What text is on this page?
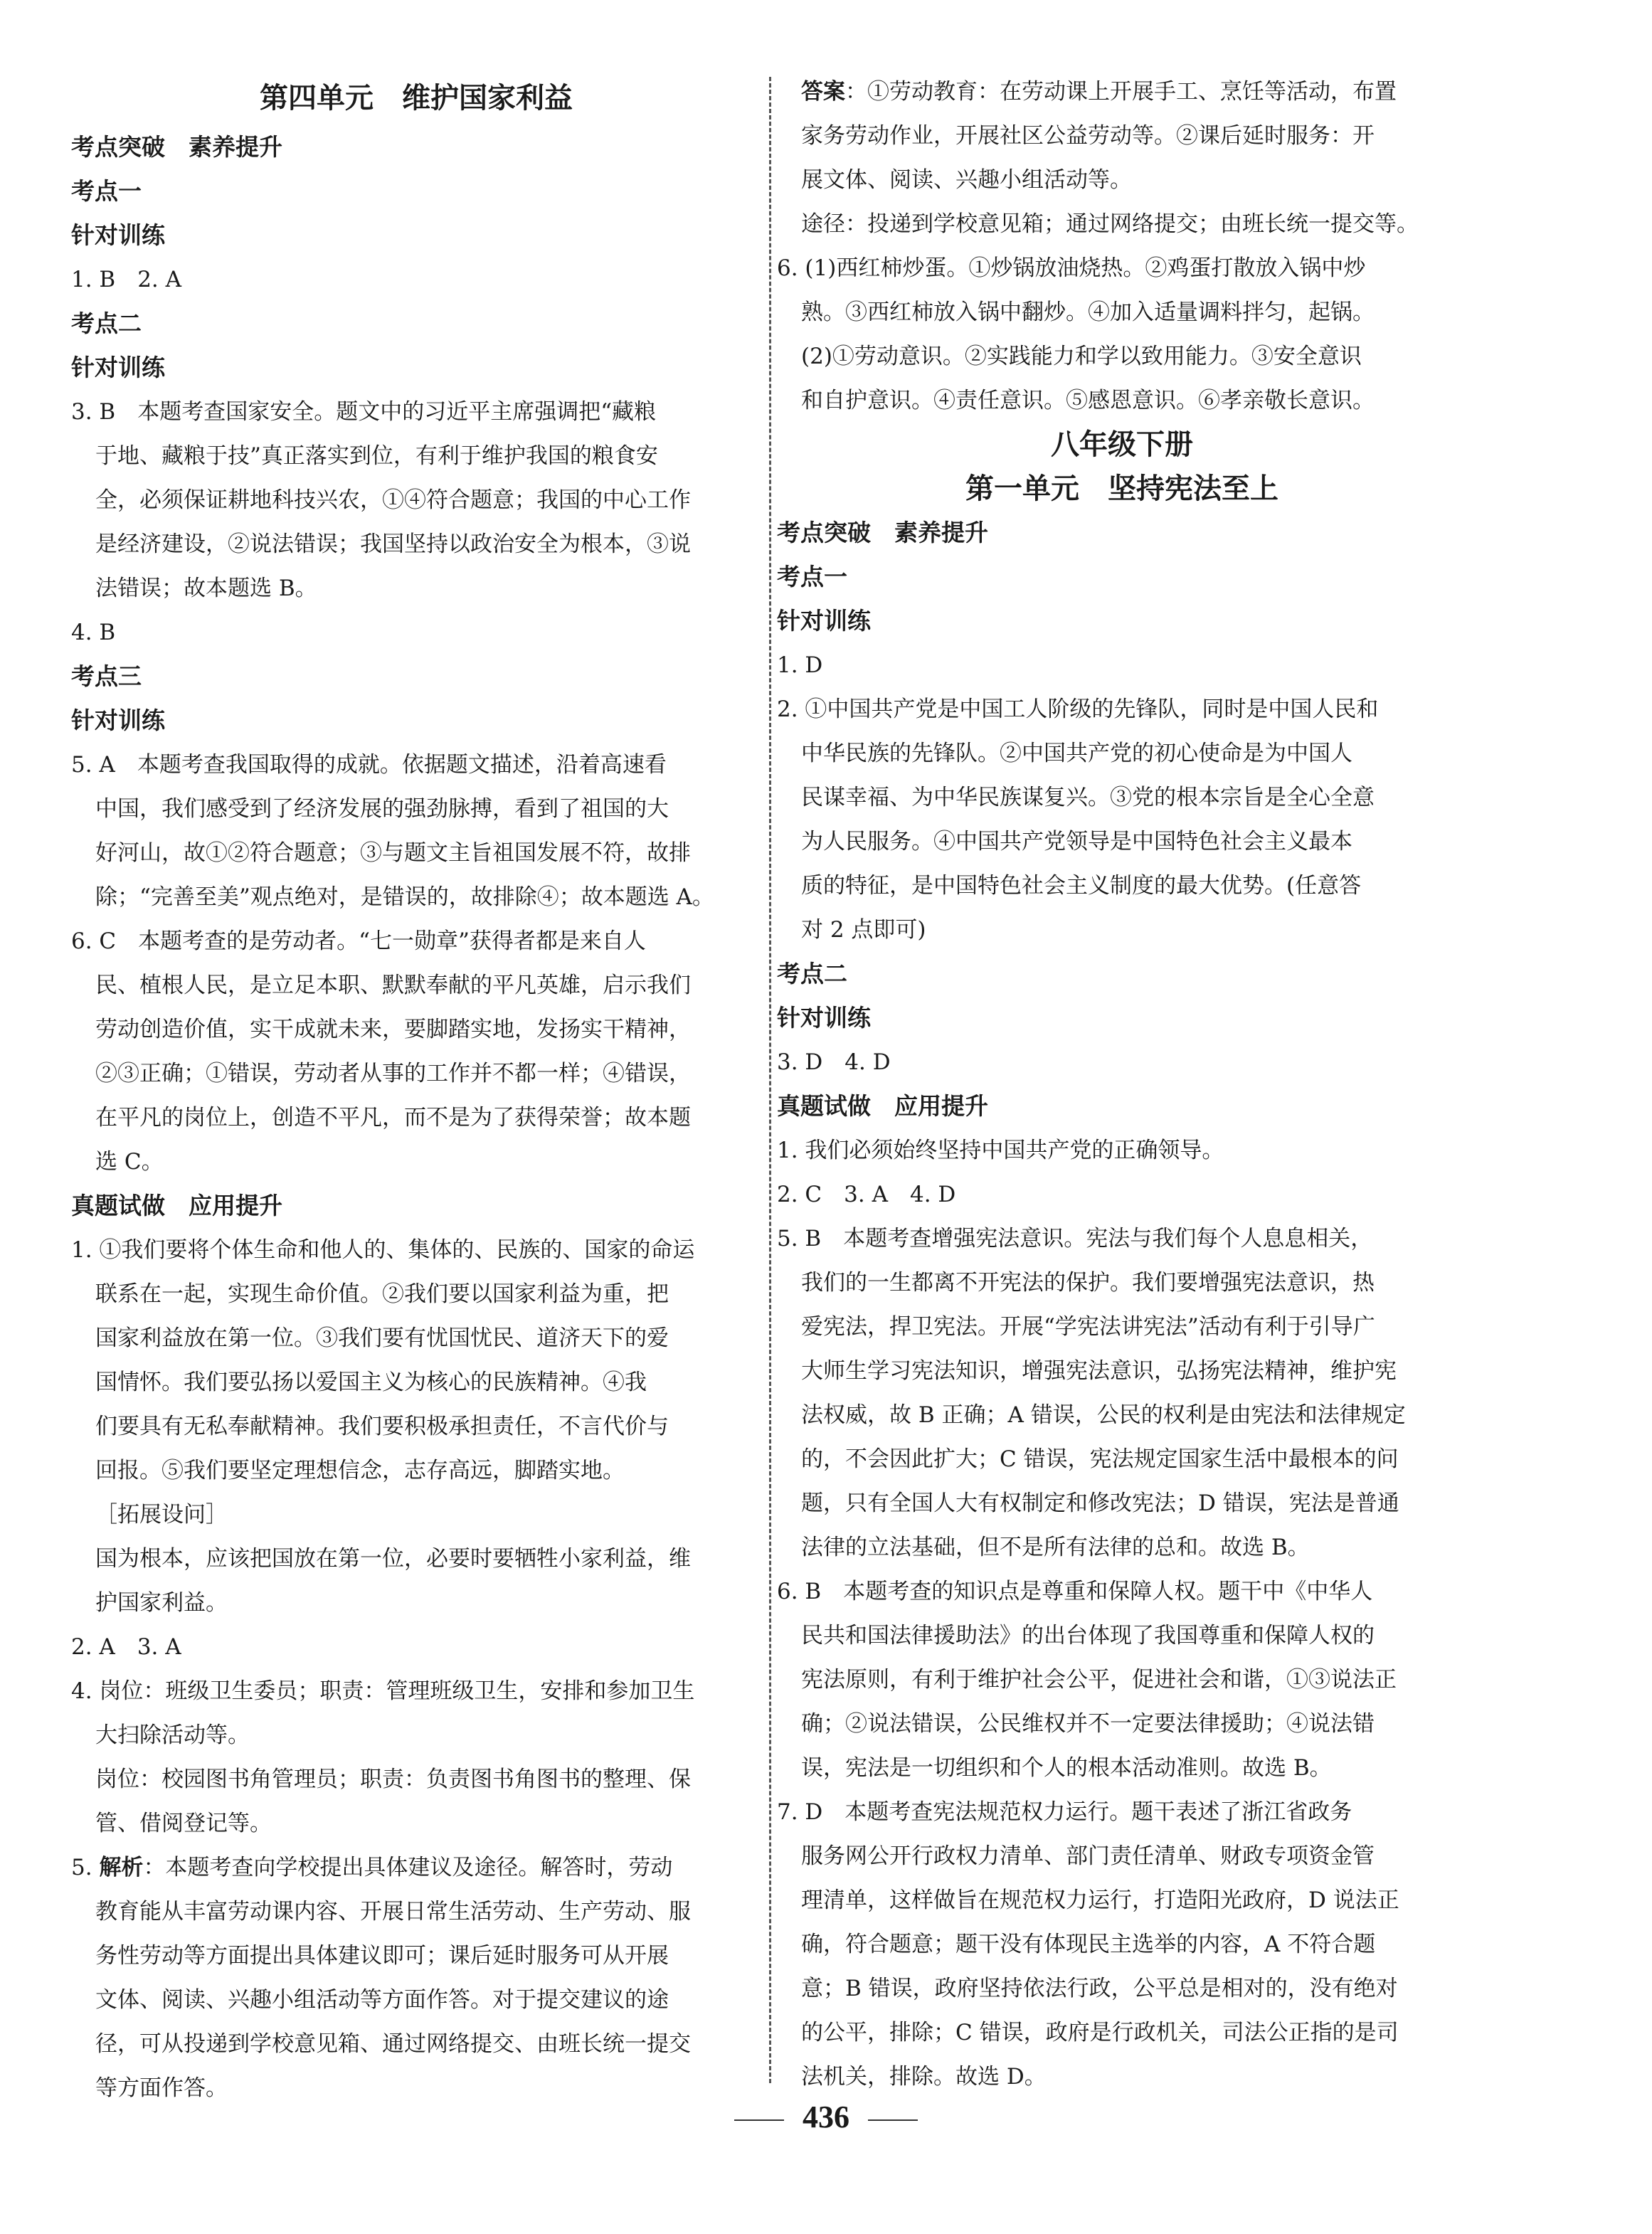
第四单元　维护国家利益
考点突破　素养提升
考点一
针对训练
1. B　2. A
考点二
针对训练
3. B　本题考查国家安全。题文中的习近平主席强调把“藏粮
于地、藏粮于技”真正落实到位，有利于维护我国的粮食安
全，必须保证耕地科技兴农，①④符合题意；我国的中心工作
是经济建设，②说法错误；我国坚持以政治安全为根本，③说
法错误；故本题选 B。
4. B
考点三
针对训练
5. A　本题考查我国取得的成就。依据题文描述，沿着高速看
中国，我们感受到了经济发展的强劲脉搏，看到了祖国的大
好河山，故①②符合题意；③与题文主旨祖国发展不符，故排
除；“完善至美”观点绝对，是错误的，故排除④；故本题选 A。
6. C　本题考查的是劳动者。“七一勋章”获得者都是来自人
民、植根人民，是立足本职、默默奉献的平凡英雄，启示我们
劳动创造价值，实干成就未来，要脚踏实地，发扬实干精神，
②③正确；①错误，劳动者从事的工作并不都一样；④错误，
在平凡的岗位上，创造不平凡，而不是为了获得荣誉；故本题
选 C。
真题试做　应用提升
1. ①我们要将个体生命和他人的、集体的、民族的、国家的命运
联系在一起，实现生命价值。②我们要以国家利益为重，把
国家利益放在第一位。③我们要有忧国忧民、道济天下的爱
国情怀。我们要弘扬以爱国主义为核心的民族精神。④我
们要具有无私奉献精神。我们要积极承担责任，不言代价与
回报。⑤我们要坚定理想信念，志存高远，脚踏实地。
［拓展设问］
国为根本，应该把国放在第一位，必要时要牺牲小家利益，维
护国家利益。
2. A　3. A
4. 岗位：班级卫生委员；职责：管理班级卫生，安排和参加卫生
大扫除活动等。
岗位：校园图书角管理员；职责：负责图书角图书的整理、保
管、借阅登记等。
5. 解析：本题考查向学校提出具体建议及途径。解答时，劳动
教育能从丰富劳动课内容、开展日常生活劳动、生产劳动、服
务性劳动等方面提出具体建议即可；课后延时服务可从开展
文体、阅读、兴趣小组活动等方面作答。对于提交建议的途
径，可从投递到学校意见箱、通过网络提交、由班长统一提交
等方面作答。
答案：①劳动教育：在劳动课上开展手工、烹饪等活动，布置
家务劳动作业，开展社区公益劳动等。②课后延时服务：开
展文体、阅读、兴趣小组活动等。
途径：投递到学校意见箱；通过网络提交；由班长统一提交等。
6. (1)西红柿炒蛋。①炒锅放油烧热。②鸡蛋打散放入锅中炒
熟。③西红柿放入锅中翻炒。④加入适量调料拌匀，起锅。
(2)①劳动意识。②实践能力和学以致用能力。③安全意识
和自护意识。④责任意识。⑤感恩意识。⑥孝亲敬长意识。
八年级下册
第一单元　坚持宪法至上
考点突破　素养提升
考点一
针对训练
1. D
2. ①中国共产党是中国工人阶级的先锋队，同时是中国人民和
中华民族的先锋队。②中国共产党的初心使命是为中国人
民谋幸福、为中华民族谋复兴。③党的根本宗旨是全心全意
为人民服务。④中国共产党领导是中国特色社会主义最本
质的特征，是中国特色社会主义制度的最大优势。(任意答
对 2 点即可)
考点二
针对训练
3. D　4. D
真题试做　应用提升
1. 我们必须始终坚持中国共产党的正确领导。
2. C　3. A　4. D
5. B　本题考查增强宪法意识。宪法与我们每个人息息相关，
我们的一生都离不开宪法的保护。我们要增强宪法意识，热
爱宪法，捍卫宪法。开展“学宪法讲宪法”活动有利于引导广
大师生学习宪法知识，增强宪法意识，弘扬宪法精神，维护宪
法权威，故 B 正确；A 错误，公民的权利是由宪法和法律规定
的，不会因此扩大；C 错误，宪法规定国家生活中最根本的问
题，只有全国人大有权制定和修改宪法；D 错误，宪法是普通
法律的立法基础，但不是所有法律的总和。故选 B。
6. B　本题考查的知识点是尊重和保障人权。题干中《中华人
民共和国法律援助法》的出台体现了我国尊重和保障人权的
宪法原则，有利于维护社会公平，促进社会和谐，①③说法正
确；②说法错误，公民维权并不一定要法律援助；④说法错
误，宪法是一切组织和个人的根本活动准则。故选 B。
7. D　本题考查宪法规范权力运行。题干表述了浙江省政务
服务网公开行政权力清单、部门责任清单、财政专项资金管
理清单，这样做旨在规范权力运行，打造阳光政府，D 说法正
确，符合题意；题干没有体现民主选举的内容，A 不符合题
意；B 错误，政府坚持依法行政，公平总是相对的，没有绝对
的公平，排除；C 错误，政府是行政机关，司法公正指的是司
法机关，排除。故选 D。
436
